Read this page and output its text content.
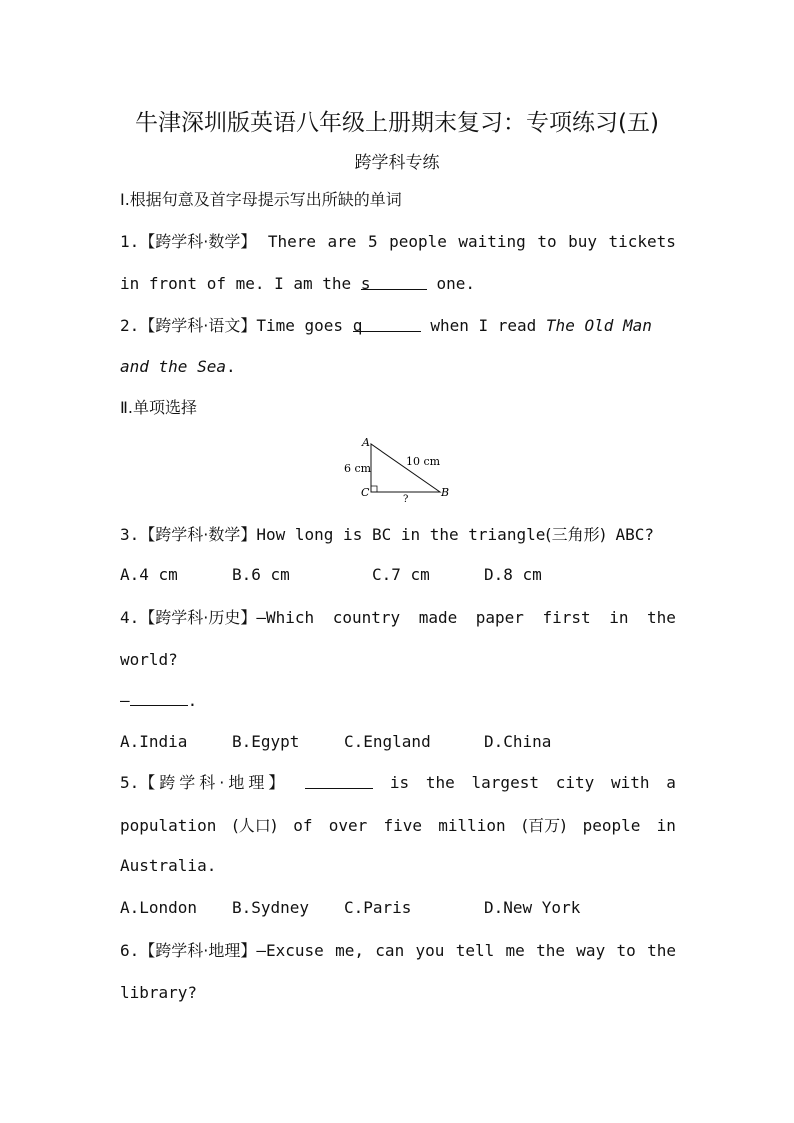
牛津深圳版英语八年级上册期末复习：专项练习(五)
跨学科专练
Ⅰ.根据句意及首字母提示写出所缺的单词
1.【跨学科·数学】 There are 5 people waiting to buy tickets
in front of me. I am the s	one.
2.【跨学科·语文】Time goes q	when I read The Old Man
and the Sea.
Ⅱ.单项选择
A
C	B
6 cm
10 cm
?
3.【跨学科·数学】How long is BC in the triangle(三角形) ABC?
A.4 cm	B.6 cm	C.7 cm	D.8 cm
4.【跨学科·历史】—Which country made paper first in the
world?
—	.
A.India	B.Egypt	C.England	D.China
5.【跨学科·地理】	is the largest city with a
population (人口) of over five million (百万) people in
Australia.
A.London	B.Sydney	C.Paris	D.New York
6.【跨学科·地理】—Excuse me, can you tell me the way to the
library?
